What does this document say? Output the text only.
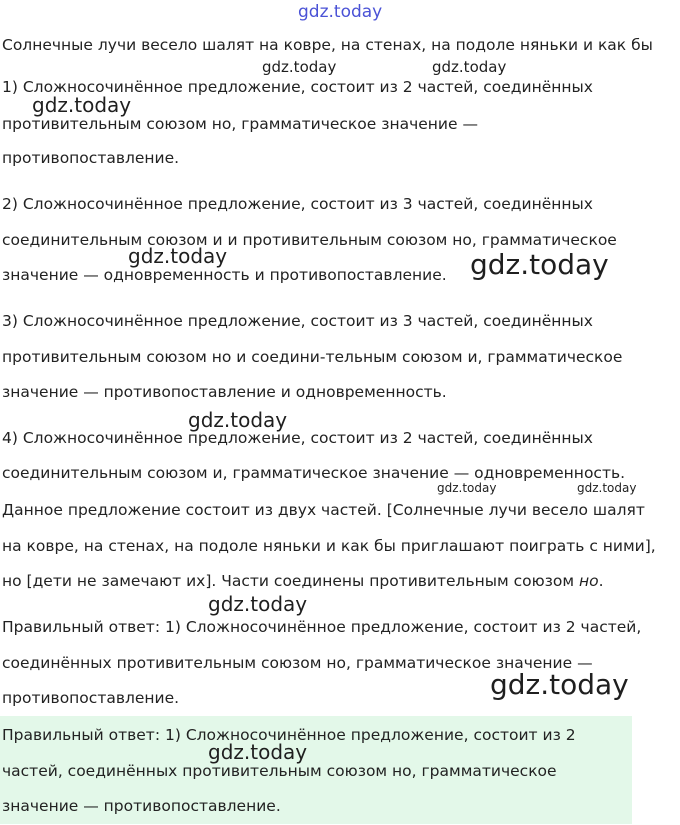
gdz.today
gdz.today	gdz.today
gdz.today
gdz.today	gdz.today
gdz.today
gdz.today	gdz.today
gdz.today
gdz.today
gdz.today
Солнечные лучи весело шалят на ковре, на стенах, на подоле няньки и как бы
1) Сложносочинённое предложение, состоит из 2 частей, соединённых
противительным союзом но, грамматическое значение —
противопоставление.
2) Сложносочинённое предложение, состоит из 3 частей, соединённых
соединительным союзом и и противительным союзом но, грамматическое
значение — одновременность и противопоставление.
3) Сложносочинённое предложение, состоит из 3 частей, соединённых
противительным союзом но и соедини-тельным союзом и, грамматическое
значение — противопоставление и одновременность.
4) Сложносочинённое предложение, состоит из 2 частей, соединённых
соединительным союзом и, грамматическое значение — одновременность.
Данное предложение состоит из двух частей. [Солнечные лучи весело шалят
на ковре, на стенах, на подоле няньки и как бы приглашают поиграть с ними],
но [дети не замечают их]. Части соединены противительным союзом но.
Правильный ответ: 1) Сложносочинённое предложение, состоит из 2 частей,
соединённых противительным союзом но, грамматическое значение —
противопоставление.
Правильный ответ: 1) Сложносочинённое предложение, состоит из 2
частей, соединённых противительным союзом но, грамматическое
значение — противопоставление.
